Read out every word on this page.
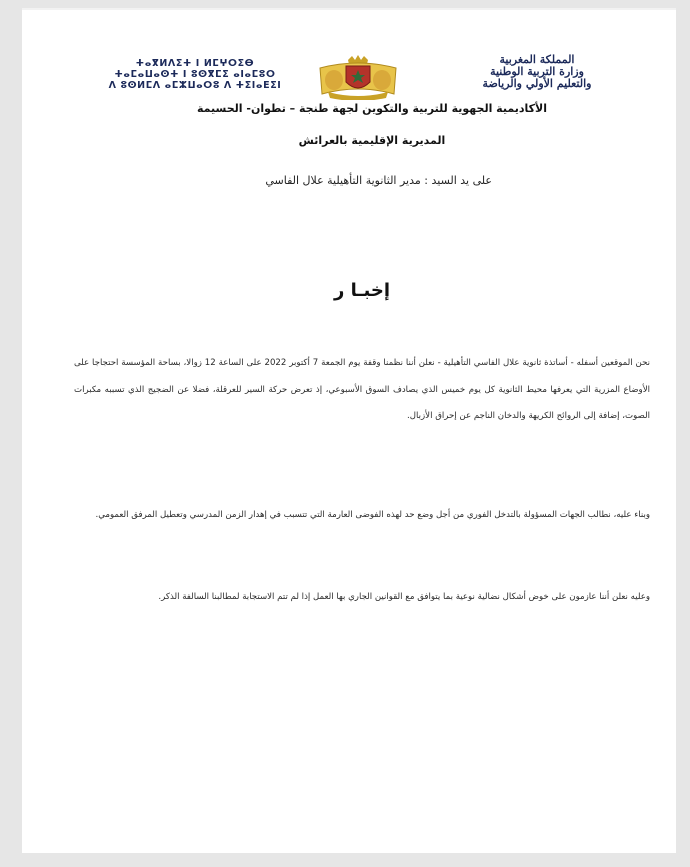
ⵜⴰⴳⵍⴷⵉⵜ ⵏ ⵍⵎⵖⵔⵉⴱ
ⵜⴰⵎⴰⵡⴰⵙⵜ ⵏ ⵓⵙⴳⵎⵉ ⴰⵏⴰⵎⵓⵔ
ⴷ ⵓⵙⵍⵎⴷ ⴰⵎⵣⵡⴰⵔⵓ ⴷ ⵜⵉⵏⴰⴹⵉⵏ
المملكة المغربية
وزارة التربية الوطنية
والتعليم الأولي والرياضة
الأكاديمية الجهوية للتربية والتكوين لجهة طنجة – تطوان- الحسيمة
المديرية الإقليمية بالعرائش
على يد السيد : مدير الثانوية التأهيلية علال الفاسي
إخبـا ر

نحن الموقعين أسفله - أساتذة ثانوية علال الفاسي التأهيلية - نعلن أننا نظمنا وقفة يوم الجمعة 7 أكتوبر 2022 على الساعة 12 زوالا، بساحة المؤسسة احتجاجا على الأوضاع المزرية التي يعرفها محيط الثانوية كل يوم خميس الذي يصادف السوق الأسبوعي، إذ تعرض حركة السير للعرقلة، فضلا عن الضجيج الذي تسببه مكبرات الصوت، إضافة إلى الروائح الكريهة والدخان الناجم عن إحراق الأزبال.

وبناء عليه، نطالب الجهات المسؤولة بالتدخل الفوري من أجل وضع حد لهذه الفوضى العارمة التي تتسبب في إهدار الزمن المدرسي وتعطيل المرفق العمومي.

وعليه نعلن أننا عازمون على خوض أشكال نضالية نوعية بما يتوافق مع القوانين الجاري بها العمل إذا لم تتم الاستجابة لمطالبنا السالفة الذكر.
